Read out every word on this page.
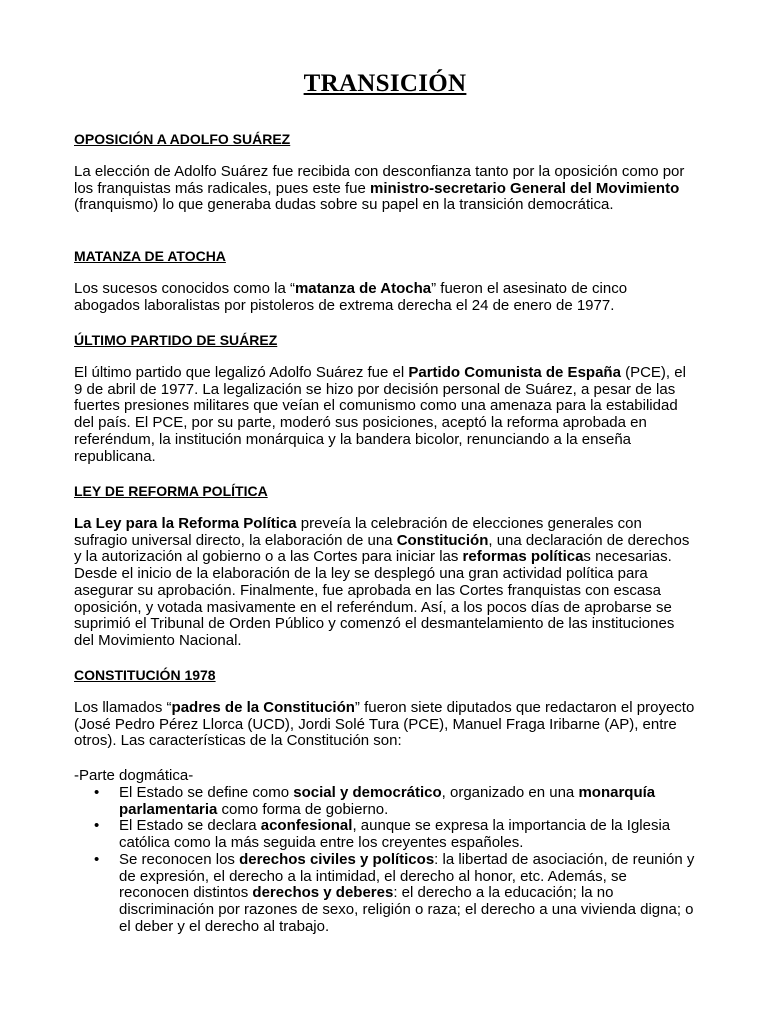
TRANSICIÓN
OPOSICIÓN A ADOLFO SUÁREZ

La elección de Adolfo Suárez fue recibida con desconfianza tanto por la oposición como por los franquistas más radicales, pues este fue ministro-secretario General del Movimiento (franquismo) lo que generaba dudas sobre su papel en la transición democrática.

MATANZA DE ATOCHA

Los sucesos conocidos como la “matanza de Atocha” fueron el asesinato de cinco abogados laboralistas por pistoleros de extrema derecha el 24 de enero de 1977.

ÚLTIMO PARTIDO DE SUÁREZ

El último partido que legalizó Adolfo Suárez fue el Partido Comunista de España (PCE), el 9 de abril de 1977. La legalización se hizo por decisión personal de Suárez, a pesar de las fuertes presiones militares que veían el comunismo como una amenaza para la estabilidad del país. El PCE, por su parte, moderó sus posiciones, aceptó la reforma aprobada en referéndum, la institución monárquica y la bandera bicolor, renunciando a la enseña republicana.

LEY DE REFORMA POLÍTICA

La Ley para la Reforma Política preveía la celebración de elecciones generales con sufragio universal directo, la elaboración de una Constitución, una declaración de derechos y la autorización al gobierno o a las Cortes para iniciar las reformas políticas necesarias. Desde el inicio de la elaboración de la ley se desplegó una gran actividad política para asegurar su aprobación. Finalmente, fue aprobada en las Cortes franquistas con escasa oposición, y votada masivamente en el referéndum. Así, a los pocos días de aprobarse se suprimió el Tribunal de Orden Público y comenzó el desmantelamiento de las instituciones del Movimiento Nacional.

CONSTITUCIÓN 1978

Los llamados “padres de la Constitución” fueron siete diputados que redactaron el proyecto (José Pedro Pérez Llorca (UCD), Jordi Solé Tura (PCE), Manuel Fraga Iribarne (AP), entre otros). Las características de la Constitución son:

-Parte dogmática-

• El Estado se define como social y democrático, organizado en una monarquía parlamentaria como forma de gobierno.
• El Estado se declara aconfesional, aunque se expresa la importancia de la Iglesia católica como la más seguida entre los creyentes españoles.
• Se reconocen los derechos civiles y políticos: la libertad de asociación, de reunión y de expresión, el derecho a la intimidad, el derecho al honor, etc. Además, se reconocen distintos derechos y deberes: el derecho a la educación; la no discriminación por razones de sexo, religión o raza; el derecho a una vivienda digna; o el deber y el derecho al trabajo.
